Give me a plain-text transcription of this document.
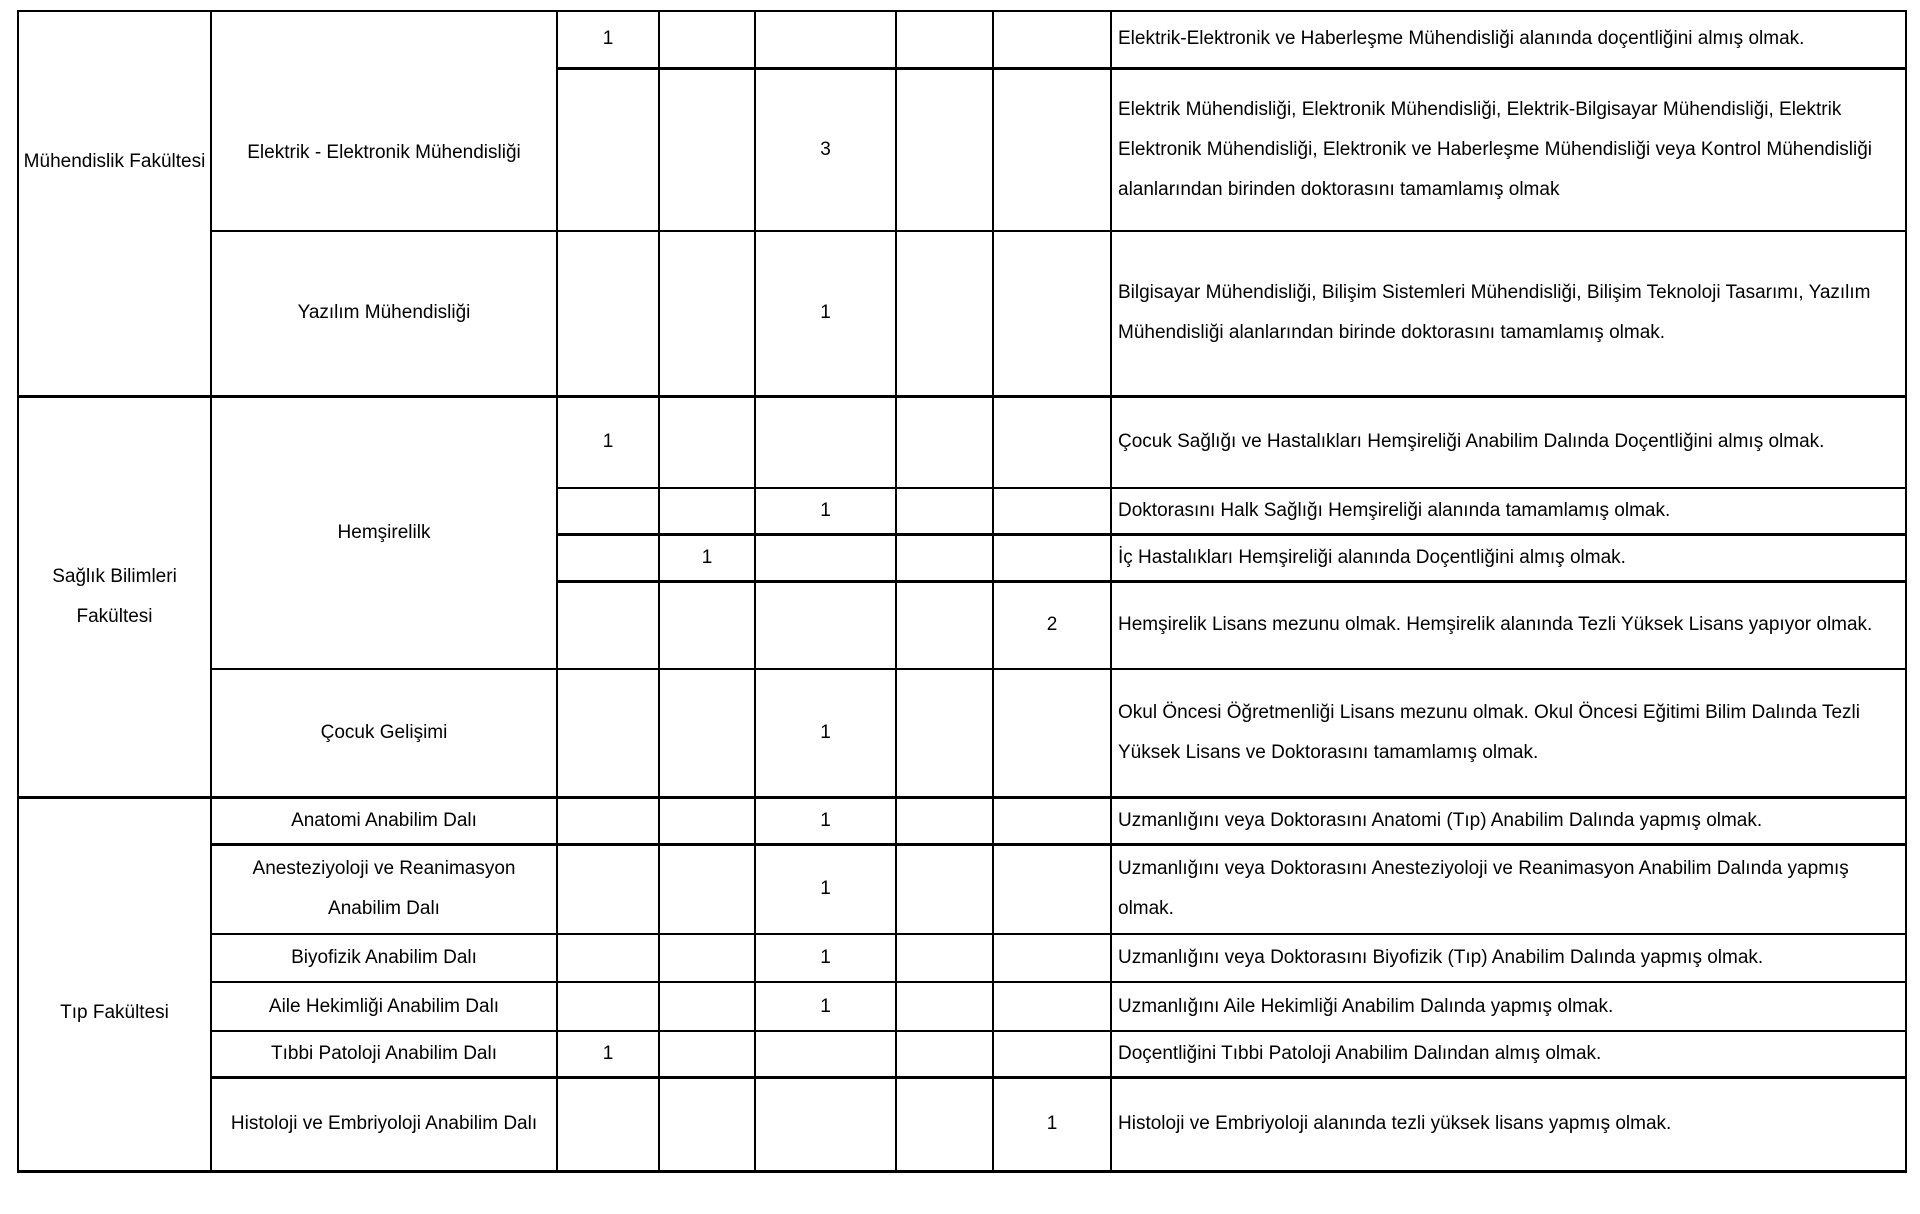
Mühendislik Fakültesi	Elektrik - Elektronik Mühendisliği	1					Elektrik-Elektronik ve Haberleşme Mühendisliği alanında doçentliğini almış olmak.
				3			Elektrik Mühendisliği, Elektronik Mühendisliği, Elektrik-Bilgisayar Mühendisliği, Elektrik Elektronik Mühendisliği, Elektronik ve Haberleşme Mühendisliği veya Kontrol Mühendisliği alanlarından birinden doktorasını tamamlamış olmak
	Yazılım Mühendisliği			1			Bilgisayar Mühendisliği, Bilişim Sistemleri Mühendisliği, Bilişim Teknoloji Tasarımı, Yazılım Mühendisliği alanlarından birinde doktorasını tamamlamış olmak.
Sağlık Bilimleri Fakültesi	Hemşirelilk	1					Çocuk Sağlığı ve Hastalıkları Hemşireliği Anabilim Dalında Doçentliğini almış olmak.
				1			Doktorasını Halk Sağlığı Hemşireliği alanında tamamlamış olmak.
			1				İç Hastalıkları Hemşireliği alanında Doçentliğini almış olmak.
						2	Hemşirelik Lisans mezunu olmak. Hemşirelik alanında Tezli Yüksek Lisans yapıyor olmak.
	Çocuk Gelişimi			1			Okul Öncesi Öğretmenliği Lisans mezunu olmak. Okul Öncesi Eğitimi Bilim Dalında Tezli Yüksek Lisans ve Doktorasını tamamlamış olmak.
Tıp Fakültesi	Anatomi Anabilim Dalı			1			Uzmanlığını veya Doktorasını Anatomi (Tıp) Anabilim Dalında yapmış olmak.
	Anesteziyoloji ve Reanimasyon Anabilim Dalı			1			Uzmanlığını veya Doktorasını Anesteziyoloji ve Reanimasyon Anabilim Dalında yapmış olmak.
	Biyofizik Anabilim Dalı			1			Uzmanlığını veya Doktorasını Biyofizik (Tıp) Anabilim Dalında yapmış olmak.
	Aile Hekimliği Anabilim Dalı			1			Uzmanlığını Aile Hekimliği Anabilim Dalında yapmış olmak.
	Tıbbi Patoloji Anabilim Dalı	1					Doçentliğini Tıbbi Patoloji Anabilim Dalından almış olmak.
	Histoloji ve Embriyoloji Anabilim Dalı					1	Histoloji ve Embriyoloji alanında tezli yüksek lisans yapmış olmak.
